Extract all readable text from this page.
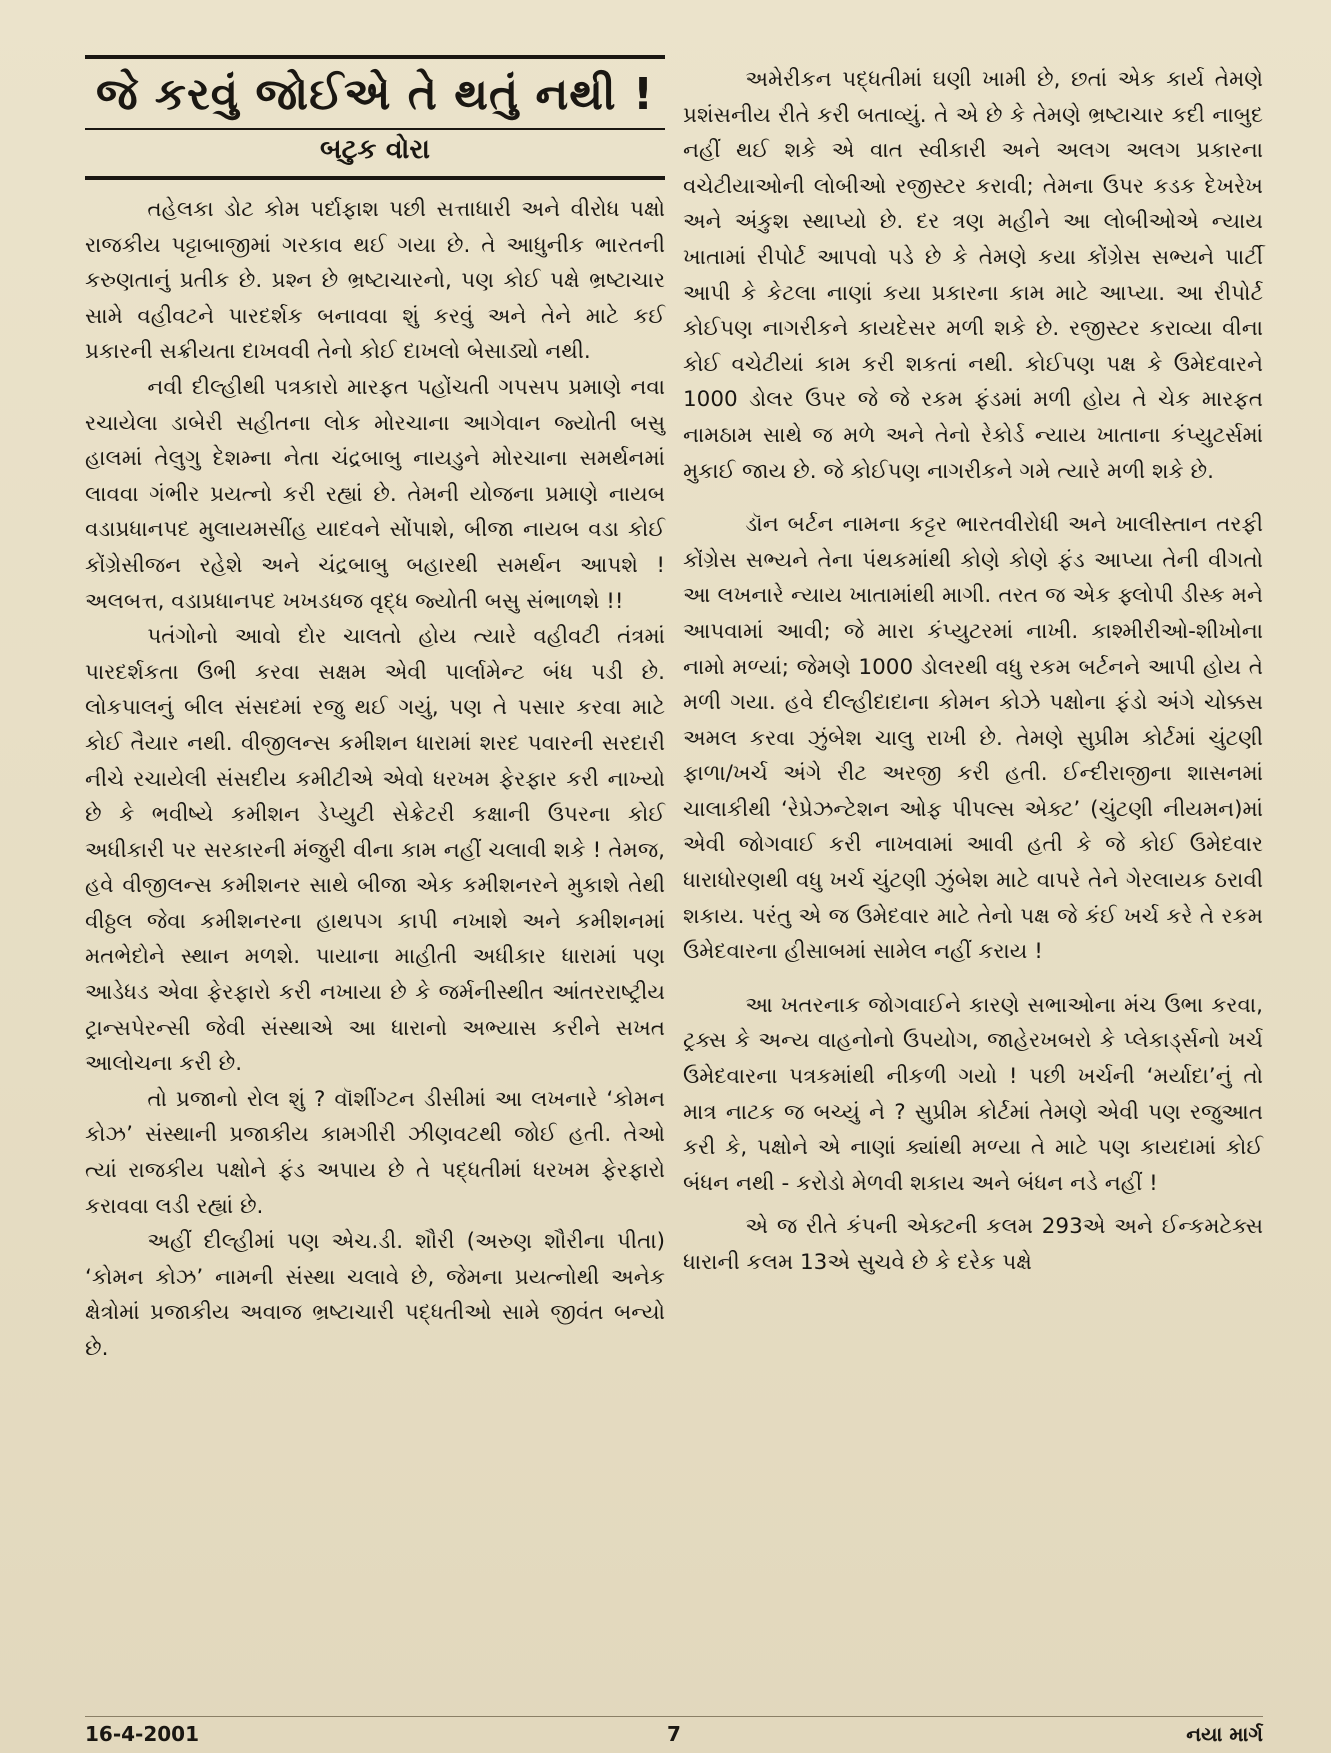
જે કરવું જોઈએ તે થતું નથી !
બટુક વોરા

તહેલકા ડોટ કોમ પર્દાફાશ પછી સત્તાધારી અને વીરોધ પક્ષો રાજકીય પટ્ટાબાજીમાં ગરકાવ થઈ ગયા છે. તે આધુનીક ભારતની કરુણતાનું પ્રતીક છે. પ્રશ્ન છે ભ્રષ્ટાચારનો, પણ કોઈ પક્ષે ભ્રષ્ટાચાર સામે વહીવટને પારદર્શક બનાવવા શું કરવું અને તેને માટે કઈ પ્રકારની સક્રીયતા દાખવવી તેનો કોઈ દાખલો બેસાડ્યો નથી.

નવી દીલ્હીથી પત્રકારો મારફત પહોંચતી ગપસપ પ્રમાણે નવા રચાયેલા ડાબેરી સહીતના લોક મોરચાના આગેવાન જ્યોતી બસુ હાલમાં તેલુગુ દેશમ્ના નેતા ચંદ્રબાબુ નાયડુને મોરચાના સમર્થનમાં લાવવા ગંભીર પ્રયત્નો કરી રહ્યાં છે. તેમની યોજના પ્રમાણે નાયબ વડાપ્રધાનપદ મુલાયમસીંહ યાદવને સોંપાશે, બીજા નાયબ વડા કોઈ કોંગ્રેસીજન રહેશે અને ચંદ્રબાબુ બહારથી સમર્થન આપશે ! અલબત્ત, વડાપ્રધાનપદ ખખડધજ વૃદ્ધ જ્યોતી બસુ સંભાળશે !!

પતંગોનો આવો દોર ચાલતો હોય ત્યારે વહીવટી તંત્રમાં પારદર્શકતા ઉભી કરવા સક્ષમ એવી પાર્લામેન્ટ બંધ પડી છે. લોકપાલનું બીલ સંસદમાં રજુ થઈ ગયું, પણ તે પસાર કરવા માટે કોઈ તૈયાર નથી. વીજીલન્સ કમીશન ધારામાં શરદ પવારની સરદારી નીચે રચાયેલી સંસદીય કમીટીએ એવો ધરખમ ફેરફાર કરી નાખ્યો છે કે ભવીષ્યે કમીશન ડેપ્યુટી સેક્રેટરી કક્ષાની ઉપરના કોઈ અધીકારી પર સરકારની મંજુરી વીના કામ નહીં ચલાવી શકે ! તેમજ, હવે વીજીલન્સ કમીશનર સાથે બીજા એક કમીશનરને મુકાશે તેથી વીઠ્ઠલ જેવા કમીશનરના હાથપગ કાપી નખાશે અને કમીશનમાં મતભેદોને સ્થાન મળશે. પાયાના માહીતી અધીકાર ધારામાં પણ આડેધડ એવા ફેરફારો કરી નખાયા છે કે જર્મનીસ્થીત આંતરરાષ્ટ્રીય ટ્રાન્સપેરન્સી જેવી સંસ્થાએ આ ધારાનો અભ્યાસ કરીને સખત આલોચના કરી છે.

તો પ્રજાનો રોલ શું ? વૉશીંગ્ટન ડીસીમાં આ લખનારે ‘કોમન કોઝ’ સંસ્થાની પ્રજાકીય કામગીરી ઝીણવટથી જોઈ હતી. તેઓ ત્યાં રાજકીય પક્ષોને ફંડ અપાય છે તે પદ્ધતીમાં ધરખમ ફેરફારો કરાવવા લડી રહ્યાં છે.

અહીં દીલ્હીમાં પણ એચ.ડી. શૌરી (અરુણ શૌરીના પીતા) ‘કોમન કોઝ’ નામની સંસ્થા ચલાવે છે, જેમના પ્રયત્નોથી અનેક ક્ષેત્રોમાં પ્રજાકીય અવાજ ભ્રષ્ટાચારી પદ્ધતીઓ સામે જીવંત બન્યો છે.

અમેરીકન પદ્ધતીમાં ઘણી ખામી છે, છતાં એક કાર્ય તેમણે પ્રશંસનીય રીતે કરી બતાવ્યું. તે એ છે કે તેમણે ભ્રષ્ટાચાર કદી નાબુદ નહીં થઈ શકે એ વાત સ્વીકારી અને અલગ અલગ પ્રકારના વચેટીયાઓની લોબીઓ રજીસ્ટર કરાવી; તેમના ઉપર કડક દેખરેખ અને અંકુશ સ્થાપ્યો છે. દર ત્રણ મહીને આ લોબીઓએ ન્યાય ખાતામાં રીપોર્ટ આપવો પડે છે કે તેમણે કયા કોંગ્રેસ સભ્યને પાર્ટી આપી કે કેટલા નાણાં કયા પ્રકારના કામ માટે આપ્યા. આ રીપોર્ટ કોઈપણ નાગરીકને કાયદેસર મળી શકે છે. રજીસ્ટર કરાવ્યા વીના કોઈ વચેટીયાં કામ કરી શકતાં નથી. કોઈપણ પક્ષ કે ઉમેદવારને 1000 ડોલર ઉપર જે જે રકમ ફંડમાં મળી હોય તે ચેક મારફત નામઠામ સાથે જ મળે અને તેનો રેકોર્ડ ન્યાય ખાતાના કંપ્યુટર્સમાં મુકાઈ જાય છે. જે કોઈપણ નાગરીકને ગમે ત્યારે મળી શકે છે.

ડૉન બર્ટન નામના કટ્ટર ભારતવીરોધી અને ખાલીસ્તાન તરફી કોંગ્રેસ સભ્યને તેના પંથકમાંથી કોણે કોણે ફંડ આપ્યા તેની વીગતો આ લખનારે ન્યાય ખાતામાંથી માગી. તરત જ એક ફ્લોપી ડીસ્ક મને આપવામાં આવી; જે મારા કંપ્યુટરમાં નાખી. કાશ્મીરીઓ-શીખોના નામો મળ્યાં; જેમણે 1000 ડોલરથી વધુ રકમ બર્ટનને આપી હોય તે મળી ગયા. હવે દીલ્હીદાદાના કોમન કોઝે પક્ષોના ફંડો અંગે ચોક્કસ અમલ કરવા ઝુંબેશ ચાલુ રાખી છે. તેમણે સુપ્રીમ કોર્ટમાં ચુંટણી ફાળા/ખર્ચ અંગે રીટ અરજી કરી હતી. ઈન્દીરાજીના શાસનમાં ચાલાકીથી ‘રેપ્રેઝન્ટેશન ઓફ પીપલ્સ એક્ટ’ (ચુંટણી નીયમન)માં એવી જોગવાઈ કરી નાખવામાં આવી હતી કે જે કોઈ ઉમેદવાર ધારાધોરણથી વધુ ખર્ચ ચુંટણી ઝુંબેશ માટે વાપરે તેને ગેરલાયક ઠરાવી શકાય. પરંતુ એ જ ઉમેદવાર માટે તેનો પક્ષ જે કંઈ ખર્ચ કરે તે રકમ ઉમેદવારના હીસાબમાં સામેલ નહીં કરાય !

આ ખતરનાક જોગવાઈને કારણે સભાઓના મંચ ઉભા કરવા, ટ્રક્સ કે અન્ય વાહનોનો ઉપયોગ, જાહેરખબરો કે પ્લેકાર્ડ્સનો ખર્ચ ઉમેદવારના પત્રકમાંથી નીકળી ગયો ! પછી ખર્ચની ‘મર્યાદા’નું તો માત્ર નાટક જ બચ્યું ને ? સુપ્રીમ કોર્ટમાં તેમણે એવી પણ રજુઆત કરી કે, પક્ષોને એ નાણાં ક્યાંથી મળ્યા તે માટે પણ કાયદામાં કોઈ બંધન નથી - કરોડો મેળવી શકાય અને બંધન નડે નહીં !

એ જ રીતે કંપની એક્ટની કલમ 293એ અને ઈન્કમટેક્સ ધારાની કલમ 13એ સુચવે છે કે દરેક પક્ષે

16-4-2001	7	નયા માર્ગ
